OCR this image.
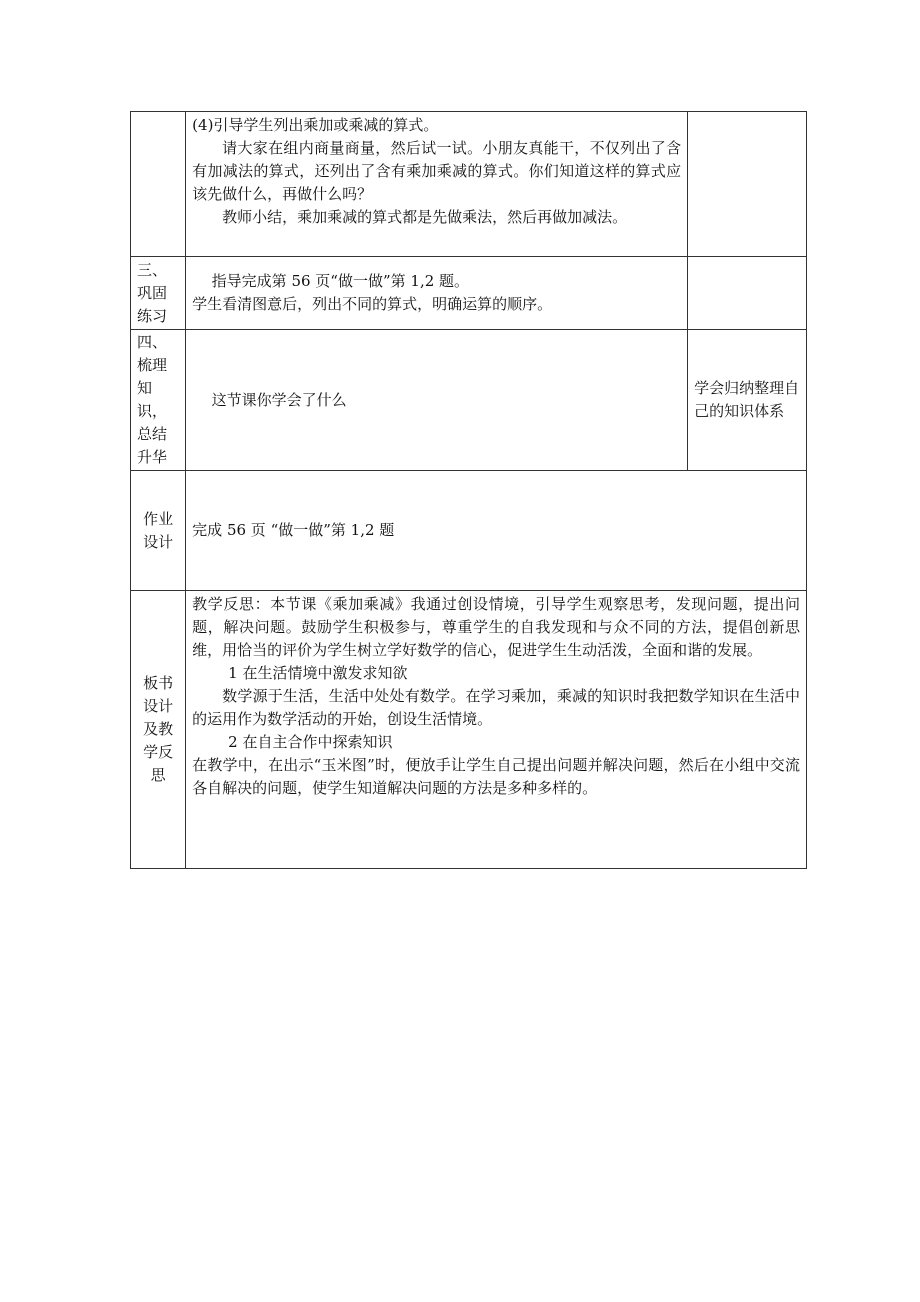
	(4)引导学生列出乘加或乘减的算式。

请大家在组内商量商量，然后试一试。小朋友真能干，不仅列出了含有加减法的算式，还列出了含有乘加乘减的算式。你们知道这样的算式应该先做什么，再做什么吗？

教师小结，乘加乘减的算式都是先做乘法，然后再做加减法。	

三、巩固练习	指导完成第 56 页“做一做”第 1,2 题。

学生看清图意后，列出不同的算式，明确运算的顺序。	

四、梳理知识，总结升华	这节课你学会了什么	学会归纳整理自己的知识体系
作业设计	完成 56 页 “做一做”第 1,2 题	

板书设计及教学反思	教学反思：本节课《乘加乘减》我通过创设情境，引导学生观察思考，发现问题，提出问题，解决问题。鼓励学生积极参与，尊重学生的自我发现和与众不同的方法，提倡创新思维，用恰当的评价为学生树立学好数学的信心，促进学生生动活泼，全面和谐的发展。

1 在生活情境中激发求知欲

数学源于生活，生活中处处有数学。在学习乘加，乘减的知识时我把数学知识在生活中的运用作为数学活动的开始，创设生活情境。

2 在自主合作中探索知识

在教学中，在出示“玉米图”时，便放手让学生自己提出问题并解决问题，然后在小组中交流各自解决的问题，使学生知道解决问题的方法是多种多样的。	
